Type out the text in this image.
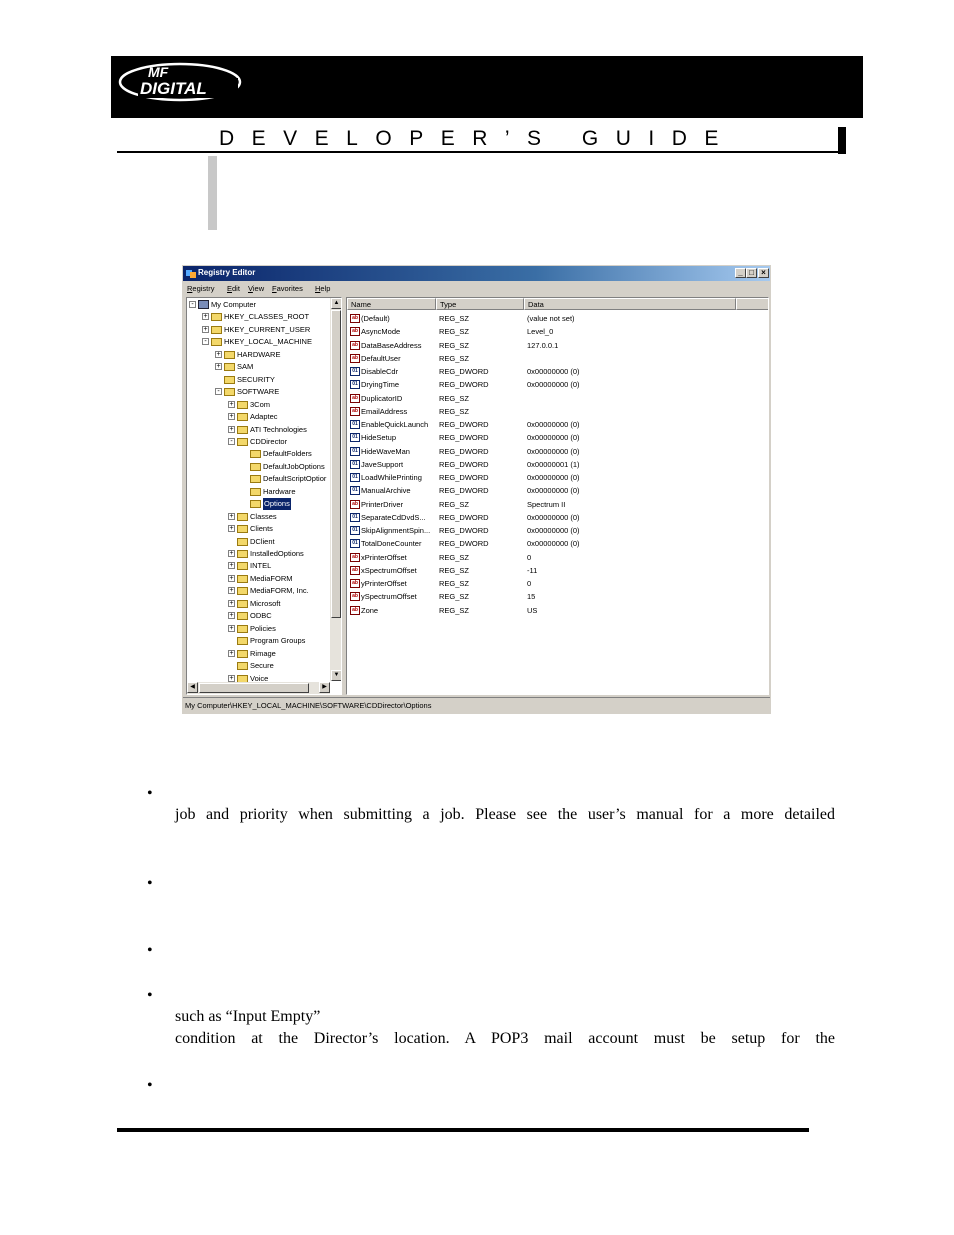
MF
DIGITAL
DEVELOPER’S GUIDE
Registry Editor	_ □ ×
Registry Edit View Favorites Help
-	My Computer
+ HKEY_CLASSES_ROOT
+ HKEY_CURRENT_USER
-	HKEY_LOCAL_MACHINE
+ HARDWARE
+ SAM
SECURITY
-	SOFTWARE
+ 3Com
+ Adaptec
+ ATI Technologies
-	CDDirector
DefaultFolders
DefaultJobOptions
DefaultScriptOptior
Hardware
Options
+ Classes
+ Clients
DClient
+ InstalledOptions
+ INTEL
+ MediaFORM
+ MediaFORM, Inc.
+ Microsoft
+ ODBC
+ Policies
Program Groups
+ Rimage
Secure
+ Voice
▲
▼
◀	▶
Name	Type	Data
ab (Default)	REG_SZ	(value not set)
ab AsyncMode	REG_SZ	Level_0
ab DataBaseAddress REG_SZ	127.0.0.1
ab DefaultUser	REG_SZ
01 DisableCdr	REG_DWORD	0x00000000 (0)
01 DryingTime	REG_DWORD	0x00000000 (0)
ab DuplicatorID	REG_SZ
ab EmailAddress	REG_SZ
01 EnableQuickLaunch REG_DWORD	0x00000000 (0)
01 HideSetup	REG_DWORD	0x00000000 (0)
01 HideWaveMan	REG_DWORD	0x00000000 (0)
01 JaveSupport	REG_DWORD	0x00000001 (1)
01 LoadWhilePrinting REG_DWORD	0x00000000 (0)
01 ManualArchive	REG_DWORD	0x00000000 (0)
ab PrinterDriver	REG_SZ	Spectrum II
01 SeparateCdDvdS... REG_DWORD	0x00000000 (0)
01 SkipAlignmentSpin... REG_DWORD	0x00000000 (0)
01 TotalDoneCounter REG_DWORD	0x00000000 (0)
ab xPrinterOffset	REG_SZ	0
ab xSpectrumOffset	REG_SZ	-11
ab yPrinterOffset	REG_SZ	0
ab ySpectrumOffset	REG_SZ	15
ab Zone	REG_SZ	US
My Computer\HKEY_LOCAL_MACHINE\SOFTWARE\CDDirector\Options
•
job and priority when submitting a job. Please see the user’s manual for a more detailed
•
•
•
such as “Input Empty”
condition at the Director’s location. A POP3 mail account must be setup for the
•
